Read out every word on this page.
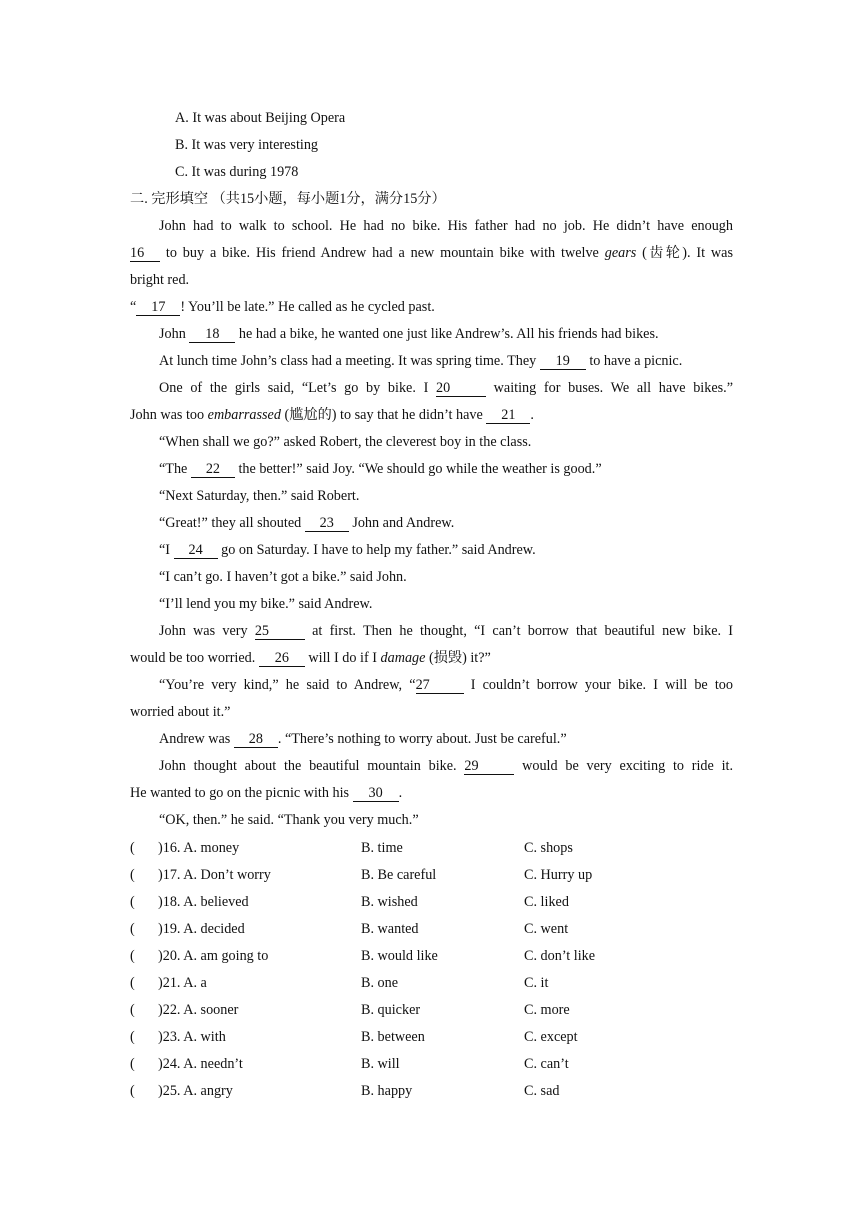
A. It was about Beijing Opera
B. It was very interesting
C. It was during 1978
二. 完形填空 （共15小题，每小题1分，满分15分）
John had to walk to school. He had no bike. His father had no job. He didn’t have enough
16 to buy a bike. His friend Andrew had a new mountain bike with twelve gears (齿轮). It was
bright red.
“ 17 ! You’ll be late.” He called as he cycled past.
John 18 he had a bike, he wanted one just like Andrew’s. All his friends had bikes.
At lunch time John’s class had a meeting. It was spring time. They 19 to have a picnic.
One of the girls said, “Let’s go by bike. I 20	waiting for buses. We all have bikes.”
John was too embarrassed (尴尬的) to say that he didn’t have 21 .
“When shall we go?” asked Robert, the cleverest boy in the class.
“The 22 the better!” said Joy. “We should go while the weather is good.”
“Next Saturday, then.” said Robert.
“Great!” they all shouted 23 John and Andrew.
“I 24 go on Saturday. I have to help my father.” said Andrew.
“I can’t go. I haven’t got a bike.” said John.
“I’ll lend you my bike.” said Andrew.
John was very 25	at first. Then he thought, “I can’t borrow that beautiful new bike. I
would be too worried. 26 will I do if I damage (损毁) it?”
“You’re very kind,” he said to Andrew, “27 I couldn’t borrow your bike. I will be too
worried about it.”
Andrew was 28 . “There’s nothing to worry about. Just be careful.”
John thought about the beautiful mountain bike. 29	would be very exciting to ride it.
He wanted to go on the picnic with his 30 .
“OK, then.” he said. “Thank you very much.”
( )16. A. money	B. time	C. shops
( )17. A. Don’t worry	B. Be careful	C. Hurry up
( )18. A. believed	B. wished	C. liked
( )19. A. decided	B. wanted	C. went
( )20. A. am going to	B. would like	C. don’t like
( )21. A. a	B. one	C. it
( )22. A. sooner	B. quicker	C. more
( )23. A. with	B. between	C. except
( )24. A. needn’t	B. will	C. can’t
( )25. A. angry	B. happy	C. sad
